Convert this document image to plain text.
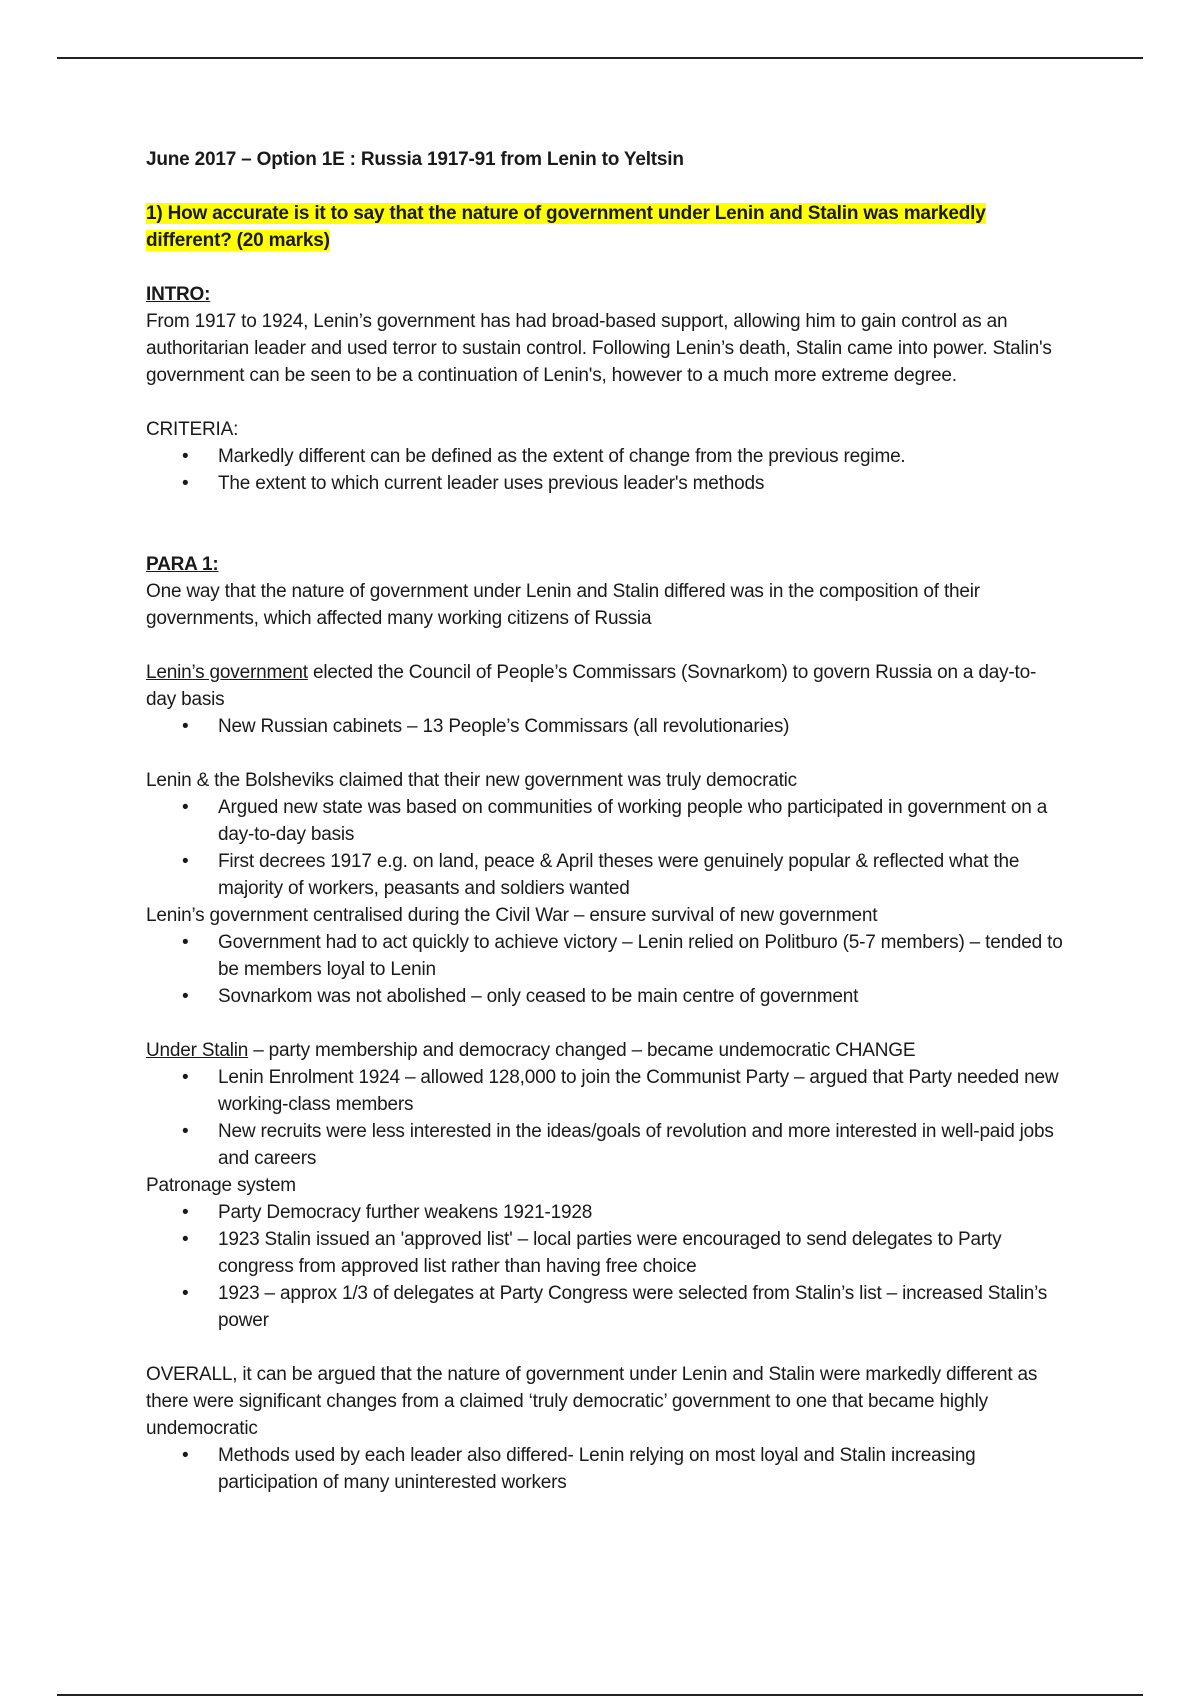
June 2017 – Option 1E : Russia 1917-91 from Lenin to Yeltsin

1) How accurate is it to say that the nature of government under Lenin and Stalin was markedly different? (20 marks)

INTRO:

From 1917 to 1924, Lenin’s government has had broad-based support, allowing him to gain control as an authoritarian leader and used terror to sustain control. Following Lenin’s death, Stalin came into power. Stalin's government can be seen to be a continuation of Lenin's, however to a much more extreme degree.

CRITERIA:

• Markedly different can be defined as the extent of change from the previous regime.
• The extent to which current leader uses previous leader's methods

PARA 1:

One way that the nature of government under Lenin and Stalin differed was in the composition of their governments, which affected many working citizens of Russia

Lenin’s government elected the Council of People’s Commissars (Sovnarkom) to govern Russia on a day-to-day basis

• New Russian cabinets – 13 People’s Commissars (all revolutionaries)

Lenin & the Bolsheviks claimed that their new government was truly democratic

• Argued new state was based on communities of working people who participated in government on a day-to-day basis
• First decrees 1917 e.g. on land, peace & April theses were genuinely popular & reflected what the majority of workers, peasants and soldiers wanted

Lenin’s government centralised during the Civil War – ensure survival of new government

• Government had to act quickly to achieve victory – Lenin relied on Politburo (5-7 members) – tended to be members loyal to Lenin
• Sovnarkom was not abolished – only ceased to be main centre of government

Under Stalin – party membership and democracy changed – became undemocratic CHANGE

• Lenin Enrolment 1924 – allowed 128,000 to join the Communist Party – argued that Party needed new working-class members
• New recruits were less interested in the ideas/goals of revolution and more interested in well-paid jobs and careers

Patronage system

• Party Democracy further weakens 1921-1928
• 1923 Stalin issued an 'approved list' – local parties were encouraged to send delegates to Party congress from approved list rather than having free choice
• 1923 – approx 1/3 of delegates at Party Congress were selected from Stalin’s list – increased Stalin’s power

OVERALL, it can be argued that the nature of government under Lenin and Stalin were markedly different as there were significant changes from a claimed ‘truly democratic’ government to one that became highly undemocratic

• Methods used by each leader also differed- Lenin relying on most loyal and Stalin increasing participation of many uninterested workers
